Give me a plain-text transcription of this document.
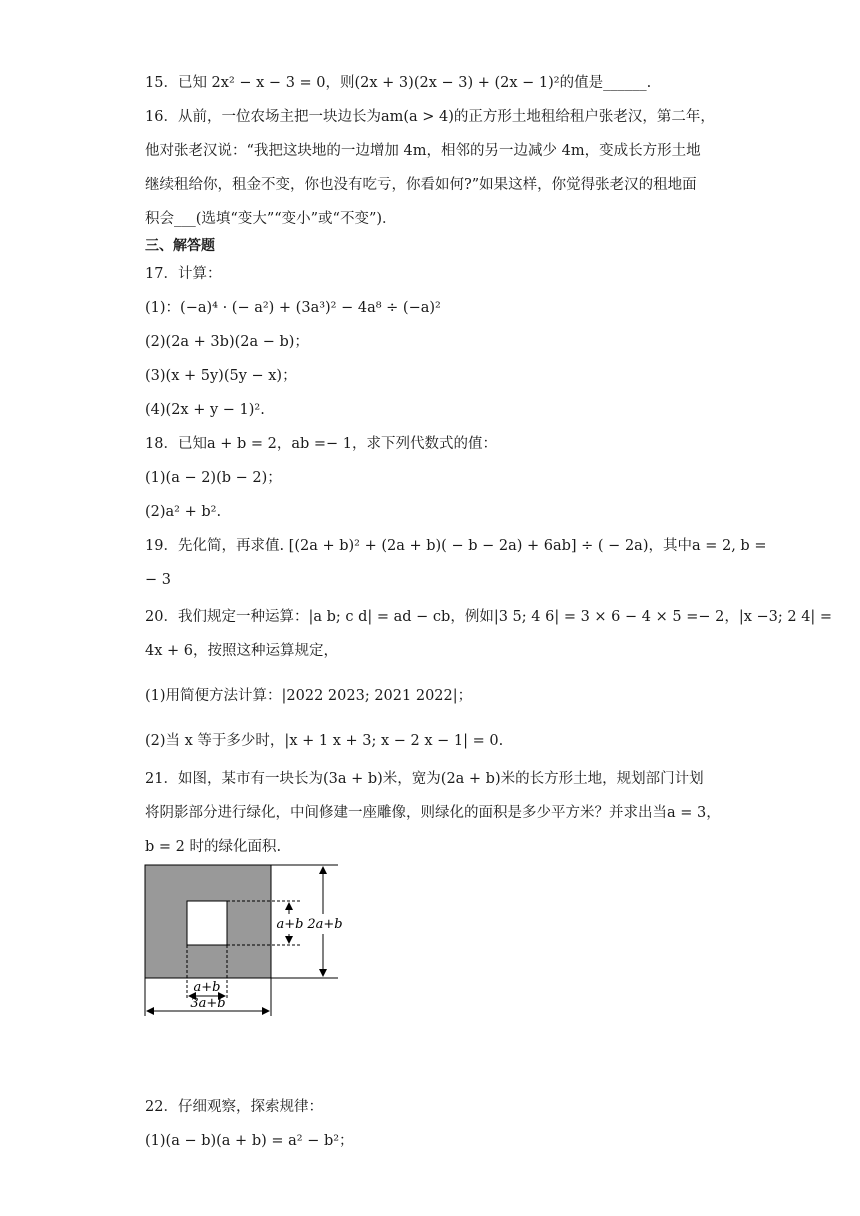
15．已知 2x² − x − 3 = 0，则(2x + 3)(2x − 3) + (2x − 1)²的值是______.
16．从前，一位农场主把一块边长为am(a > 4)的正方形土地租给租户张老汉，第二年，
他对张老汉说：“我把这块地的一边增加 4m，相邻的另一边减少 4m，变成长方形土地
继续租给你，租金不变，你也没有吃亏，你看如何?”如果这样，你觉得张老汉的租地面
积会___(选填“变大”“变小”或“不变”)．
三、解答题
17．计算：
(1)：(−a)⁴ · (− a²) + (3a³)² − 4a⁸ ÷ (−a)²
(2)(2a + 3b)(2a − b)；
(3)(x + 5y)(5y − x)；
(4)(2x + y − 1)².
18．已知a + b = 2，ab =− 1，求下列代数式的值：
(1)(a − 2)(b − 2)；
(2)a² + b².
19．先化简，再求值. [(2a + b)² + (2a + b)( − b − 2a) + 6ab] ÷ ( − 2a)，其中a = 2, b =
− 3
20．我们规定一种运算：|a b; c d| = ad − cb，例如|3 5; 4 6| = 3 × 6 − 4 × 5 =− 2，|x −3; 2 4| =
4x + 6，按照这种运算规定，
(1)用简便方法计算：|2022 2023; 2021 2022|；
(2)当 x 等于多少时，|x + 1 x + 3; x − 2 x − 1| = 0.
21．如图，某市有一块长为(3a + b)米，宽为(2a + b)米的长方形土地，规划部门计划
将阴影部分进行绿化，中间修建一座雕像，则绿化的面积是多少平方米？并求出当a = 3，
b = 2 时的绿化面积.
22．仔细观察，探索规律：
(1)(a − b)(a + b) = a² − b²；
a+b 2a+b
a+b
3a+b
